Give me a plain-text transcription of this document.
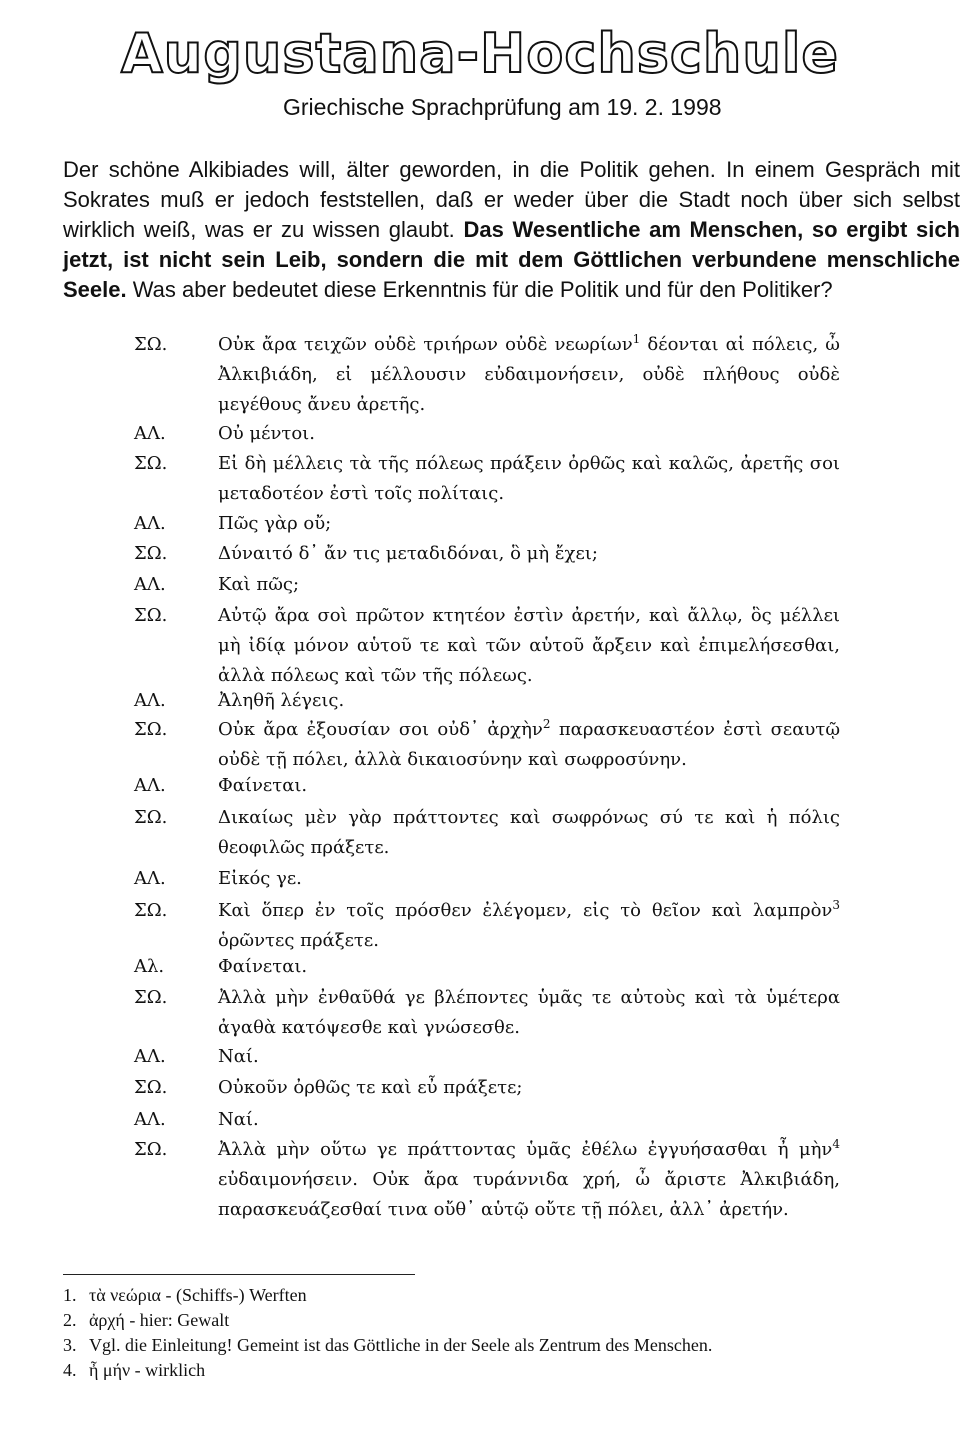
Augustana-Hochschule
Griechische Sprachprüfung am 19. 2. 1998

Der schöne Alkibiades will, älter geworden, in die Politik gehen. In einem Gespräch mit Sokrates muß er jedoch feststellen, daß er weder über die Stadt noch über sich selbst wirklich weiß, was er zu wissen glaubt. Das Wesentliche am Menschen, so ergibt sich jetzt, ist nicht sein Leib, sondern die mit dem Göttlichen verbundene menschliche Seele. Was aber bedeutet diese Erkenntnis für die Politik und für den Politiker?

ΣΩ.	Οὐκ ἄρα τειχῶν οὐδὲ τριήρων οὐδὲ νεωρίων$^1$ δέονται αἱ πόλεις, ὦ Ἀλκιβιάδη, εἰ μέλλουσιν εὐδαιμονήσειν, οὐδὲ πλήθους οὐδὲ μεγέθους ἄνευ ἀρετῆς.
ΑΛ.	Οὐ μέντοι.
ΣΩ.	Εἰ δὴ μέλλεις τὰ τῆς πόλεως πράξειν ὀρθῶς καὶ καλῶς, ἀρετῆς σοι μεταδοτέον ἐστὶ τοῖς πολίταις.
ΑΛ.	Πῶς γὰρ οὔ;
ΣΩ.	Δύναιτό δ᾽ ἄν τις μεταδιδόναι, ὃ μὴ ἔχει;
ΑΛ.	Καὶ πῶς;
ΣΩ.	Αὐτῷ ἄρα σοὶ πρῶτον κτητέον ἐστὶν ἀρετήν, καὶ ἄλλῳ, ὃς μέλλει μὴ ἰδίᾳ μόνον αὑτοῦ τε καὶ τῶν αὑτοῦ ἄρξειν καὶ ἐπιμελήσεσθαι, ἀλλὰ πόλεως καὶ τῶν τῆς πόλεως.
ΑΛ.	Ἀληθῆ λέγεις.
ΣΩ.	Οὐκ ἄρα ἐξουσίαν σοι οὐδ᾽ ἀρχὴν$^2$ παρασκευαστέον ἐστὶ σεαυτῷ οὐδὲ τῇ πόλει, ἀλλὰ δικαιοσύνην καὶ σωφροσύνην.
ΑΛ.	Φαίνεται.
ΣΩ.	Δικαίως μὲν γὰρ πράττοντες καὶ σωφρόνως σύ τε καὶ ἡ πόλις θεοφιλῶς πράξετε.
ΑΛ.	Εἰκός γε.
ΣΩ.	Καὶ ὅπερ ἐν τοῖς πρόσθεν ἐλέγομεν, εἰς τὸ θεῖον καὶ λαμπρὸν$^3$ ὁρῶντες πράξετε.
Αλ.	Φαίνεται.
ΣΩ.	Ἀλλὰ μὴν ἐνθαῦθά γε βλέποντες ὑμᾶς τε αὐτοὺς καὶ τὰ ὑμέτερα ἀγαθὰ κατόψεσθε καὶ γνώσεσθε.
ΑΛ.	Ναί.
ΣΩ.	Οὐκοῦν ὀρθῶς τε καὶ εὖ πράξετε;
ΑΛ.	Ναί.
ΣΩ.	Ἀλλὰ μὴν οὕτω γε πράττοντας ὑμᾶς ἐθέλω ἐγγυήσασθαι ἦ μὴν$^4$ εὐδαιμονήσειν. Οὐκ ἄρα τυράννιδα χρή, ὦ ἄριστε Ἀλκιβιάδη, παρασκευάζεσθαί τινα οὔθ᾽ αὑτῷ οὔτε τῇ πόλει, ἀλλ᾽ ἀρετήν.
1. τὰ νεώρια - (Schiffs-) Werften
2. ἀρχή - hier: Gewalt
3. Vgl. die Einleitung! Gemeint ist das Göttliche in der Seele als Zentrum des Menschen.
4. ἦ μήν - wirklich
